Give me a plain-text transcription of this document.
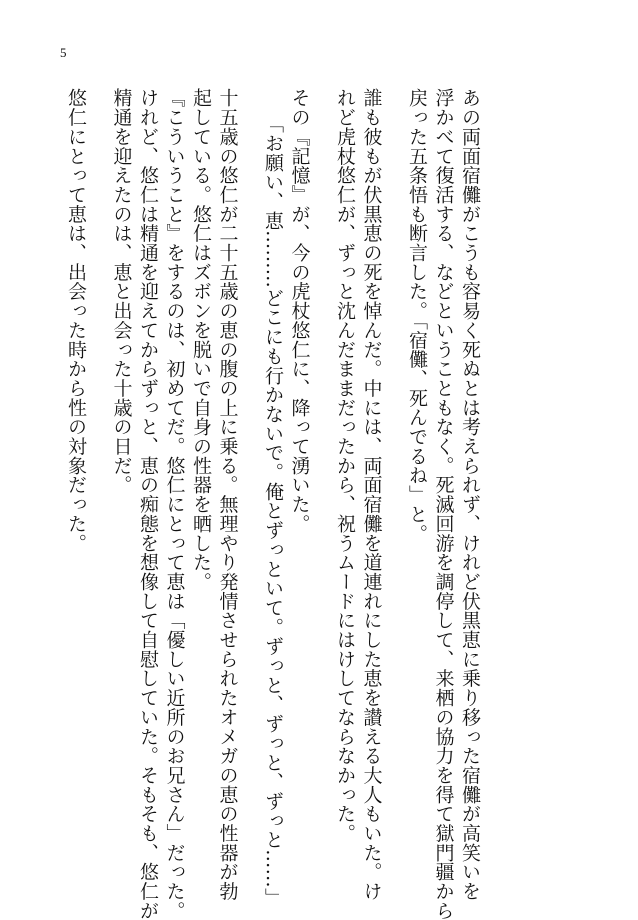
5
あの両面宿儺がこうも容易く死ぬとは考えられず、けれど伏黒恵に乗り移った宿儺が高笑いを
浮かべて復活する、などということもなく。死滅回游を調停して、来栖の協力を得て獄門疆から
戻った五条悟も断言した。「宿儺、死んでるね」と。
誰も彼もが伏黒恵の死を悼んだ。中には、両面宿儺を道連れにした恵を讃える大人もいた。け
れど虎杖悠仁が、ずっと沈んだままだったから、祝うムードにはけしてならなかった。
その『記憶』が、今の虎杖悠仁に、降って湧いた。
「お願い、恵………どこにも行かないで。俺とずっといて。ずっと、ずっと、ずっと……」
十五歳の悠仁が二十五歳の恵の腹の上に乗る。無理やり発情させられたオメガの恵の性器が勃
起している。悠仁はズボンを脱いで自身の性器を晒した。
『こういうこと』をするのは、初めてだ。悠仁にとって恵は「優しい近所のお兄さん」だった。
けれど、悠仁は精通を迎えてからずっと、恵の痴態を想像して自慰していた。そもそも、悠仁が
精通を迎えたのは、恵と出会った十歳の日だ。
悠仁にとって恵は、出会った時から性の対象だった。
